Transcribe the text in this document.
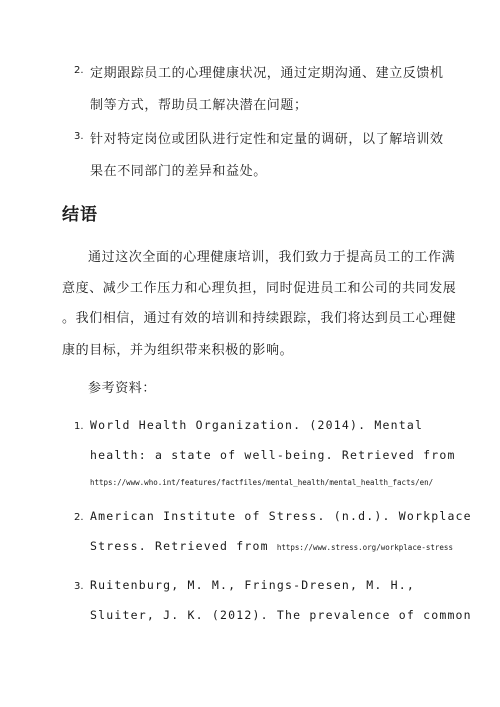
2. 定期跟踪员工的心理健康状况，通过定期沟通、建立反馈机
制等方式，帮助员工解决潜在问题；
3. 针对特定岗位或团队进行定性和定量的调研，以了解培训效
果在不同部门的差异和益处。
结语
通过这次全面的心理健康培训，我们致力于提高员工的工作满
意度、减少工作压力和心理负担，同时促进员工和公司的共同发展
。我们相信，通过有效的培训和持续跟踪，我们将达到员工心理健
康的目标，并为组织带来积极的影响。
参考资料：
1. World Health Organization. (2014). Mental
health: a state of well-being. Retrieved from
https://www.who.int/features/factfiles/mental_health/mental_health_facts/en/
2. American Institute of Stress. (n.d.). Workplace
Stress. Retrieved from https://www.stress.org/workplace-stress
3. Ruitenburg, M. M., Frings-Dresen, M. H.,
Sluiter, J. K. (2012). The prevalence of common
